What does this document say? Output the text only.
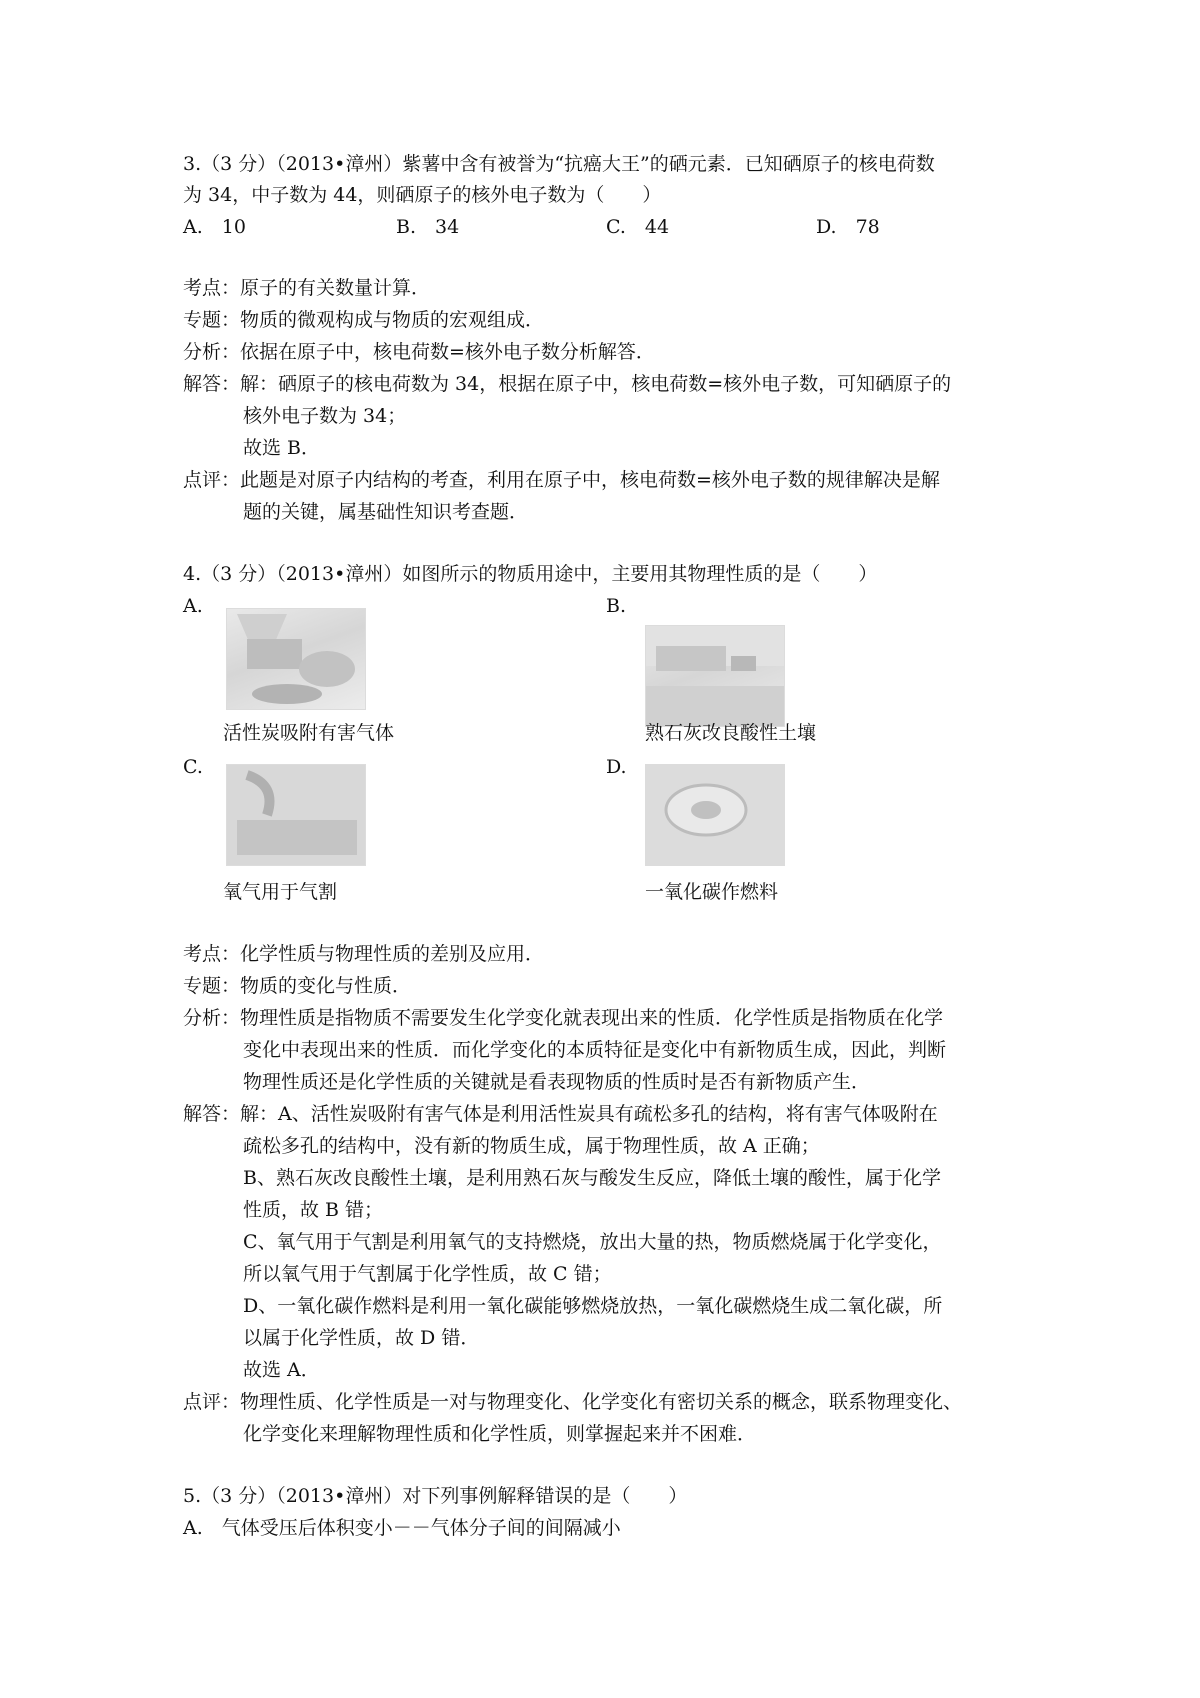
3.（3 分）（2013•漳州）紫薯中含有被誉为“抗癌大王”的硒元素．已知硒原子的核电荷数
为 34，中子数为 44，则硒原子的核外电子数为（　　）
A.　10	B.　34	C.　44	D.　78
考点：原子的有关数量计算．
专题：物质的微观构成与物质的宏观组成．
分析：依据在原子中，核电荷数=核外电子数分析解答．
解答：解：硒原子的核电荷数为 34，根据在原子中，核电荷数=核外电子数，可知硒原子的
核外电子数为 34；
故选 B．
点评：此题是对原子内结构的考查，利用在原子中，核电荷数=核外电子数的规律解决是解
题的关键，属基础性知识考查题．
4.（3 分）（2013•漳州）如图所示的物质用途中，主要用其物理性质的是（　　）
A.
活性炭吸附有害气体
B.
熟石灰改良酸性土壤
C.
氧气用于气割
D.
一氧化碳作燃料
考点：化学性质与物理性质的差别及应用．
专题：物质的变化与性质．
分析：物理性质是指物质不需要发生化学变化就表现出来的性质．化学性质是指物质在化学
变化中表现出来的性质．而化学变化的本质特征是变化中有新物质生成，因此，判断
物理性质还是化学性质的关键就是看表现物质的性质时是否有新物质产生．
解答：解：A、活性炭吸附有害气体是利用活性炭具有疏松多孔的结构，将有害气体吸附在
疏松多孔的结构中，没有新的物质生成，属于物理性质，故 A 正确；
B、熟石灰改良酸性土壤，是利用熟石灰与酸发生反应，降低土壤的酸性，属于化学
性质，故 B 错；
C、氧气用于气割是利用氧气的支持燃烧，放出大量的热，物质燃烧属于化学变化，
所以氧气用于气割属于化学性质，故 C 错；
D、一氧化碳作燃料是利用一氧化碳能够燃烧放热，一氧化碳燃烧生成二氧化碳，所
以属于化学性质，故 D 错．
故选 A．
点评：物理性质、化学性质是一对与物理变化、化学变化有密切关系的概念，联系物理变化、
化学变化来理解物理性质和化学性质，则掌握起来并不困难．
5.（3 分）（2013•漳州）对下列事例解释错误的是（　　）
A.　气体受压后体积变小－－气体分子间的间隔减小
